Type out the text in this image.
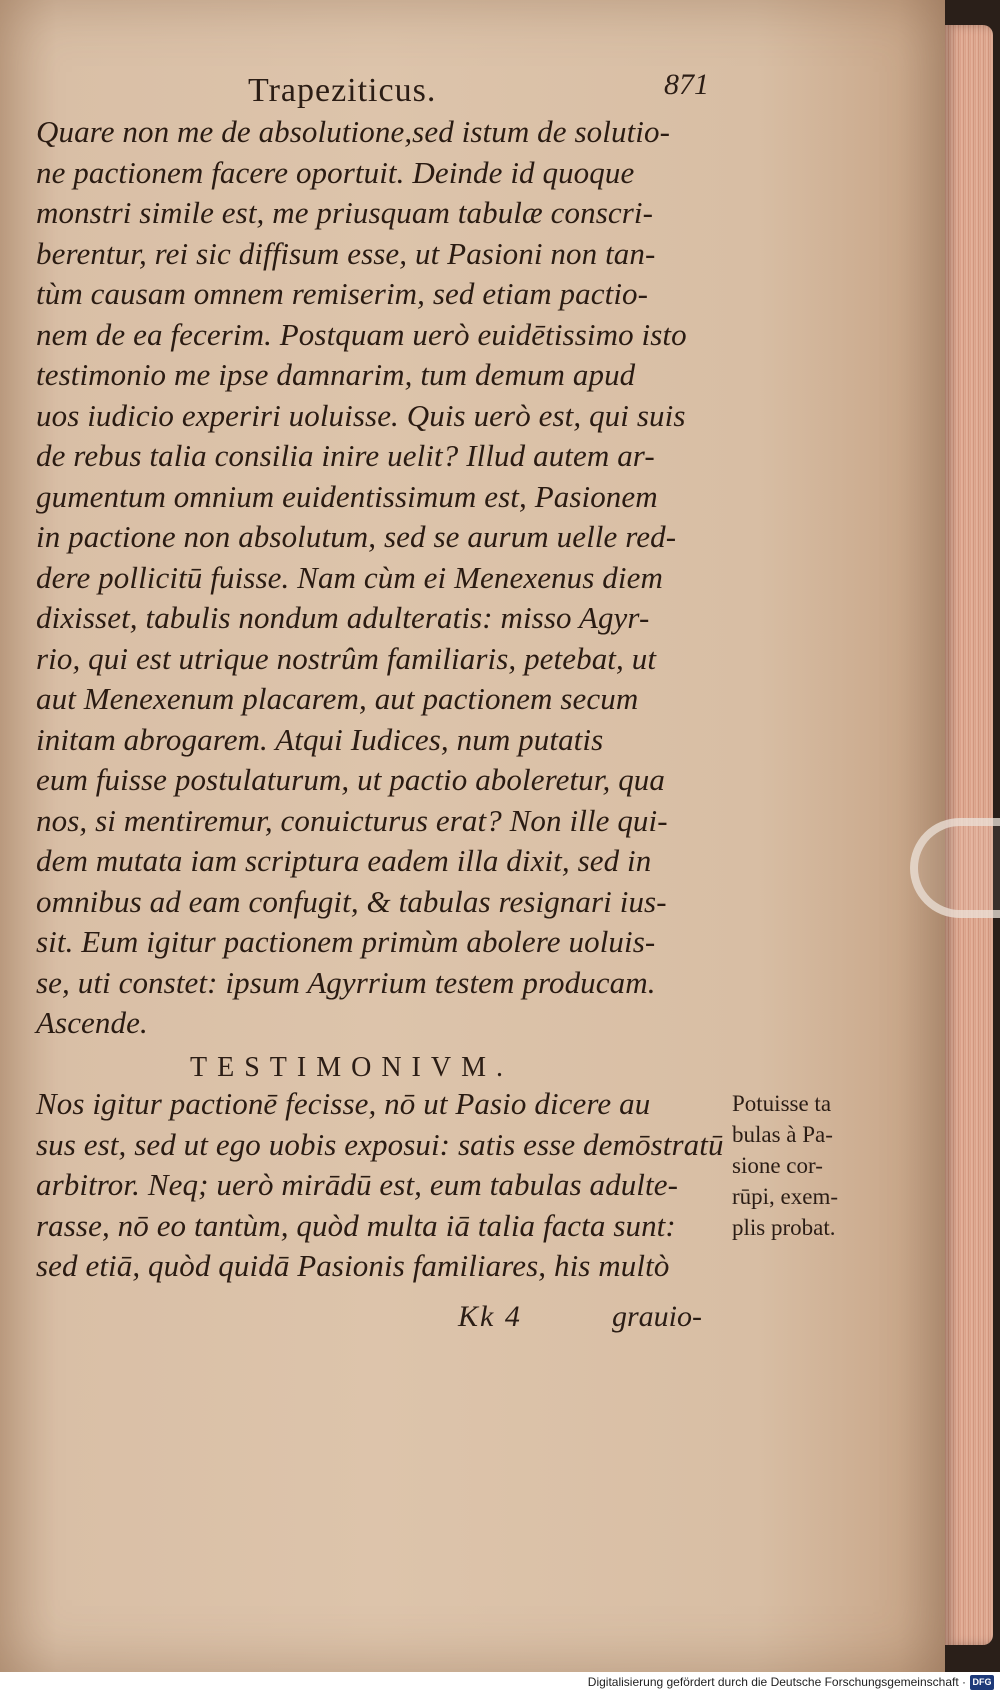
Trapeziticus.	871
Quare non me de absolutione,sed istum de solutio-
ne pactionem facere oportuit. Deinde id quoque
monstri simile est, me priusquam tabulæ conscri-
berentur, rei sic diffisum esse, ut Pasioni non tan-
tùm causam omnem remiserim, sed etiam pactio-
nem de ea fecerim. Postquam uerò euidētissimo isto
testimonio me ipse damnarim, tum demum apud
uos iudicio experiri uoluisse. Quis uerò est, qui suis
de rebus talia consilia inire uelit? Illud autem ar-
gumentum omnium euidentissimum est, Pasionem
in pactione non absolutum, sed se aurum uelle red-
dere pollicitū fuisse. Nam cùm ei Menexenus diem
dixisset, tabulis nondum adulteratis: misso Agyr-
rio, qui est utrique nostrûm familiaris, petebat, ut
aut Menexenum placarem, aut pactionem secum
initam abrogarem. Atqui Iudices, num putatis
eum fuisse postulaturum, ut pactio aboleretur, qua
nos, si mentiremur, conuicturus erat? Non ille qui-
dem mutata iam scriptura eadem illa dixit, sed in
omnibus ad eam confugit, & tabulas resignari ius-
sit. Eum igitur pactionem primùm abolere uoluis-
se, uti constet: ipsum Agyrrium testem producam.
Ascende.
TESTIMONIVM.
Nos igitur pactionē fecisse, nō ut Pasio dicere au
sus est, sed ut ego uobis exposui: satis esse demōstratū
arbitror. Neq; uerò mirādū est, eum tabulas adulte-
rasse, nō eo tantùm, quòd multa iā talia facta sunt:
sed etiā, quòd quidā Pasionis familiares, his multò
Potuisse ta
bulas à Pa-
sione cor-
rūpi, exem-
plis probat.
Kk 4	grauio-
Digitalisierung gefördert durch die Deutsche Forschungsgemeinschaft · DFG
